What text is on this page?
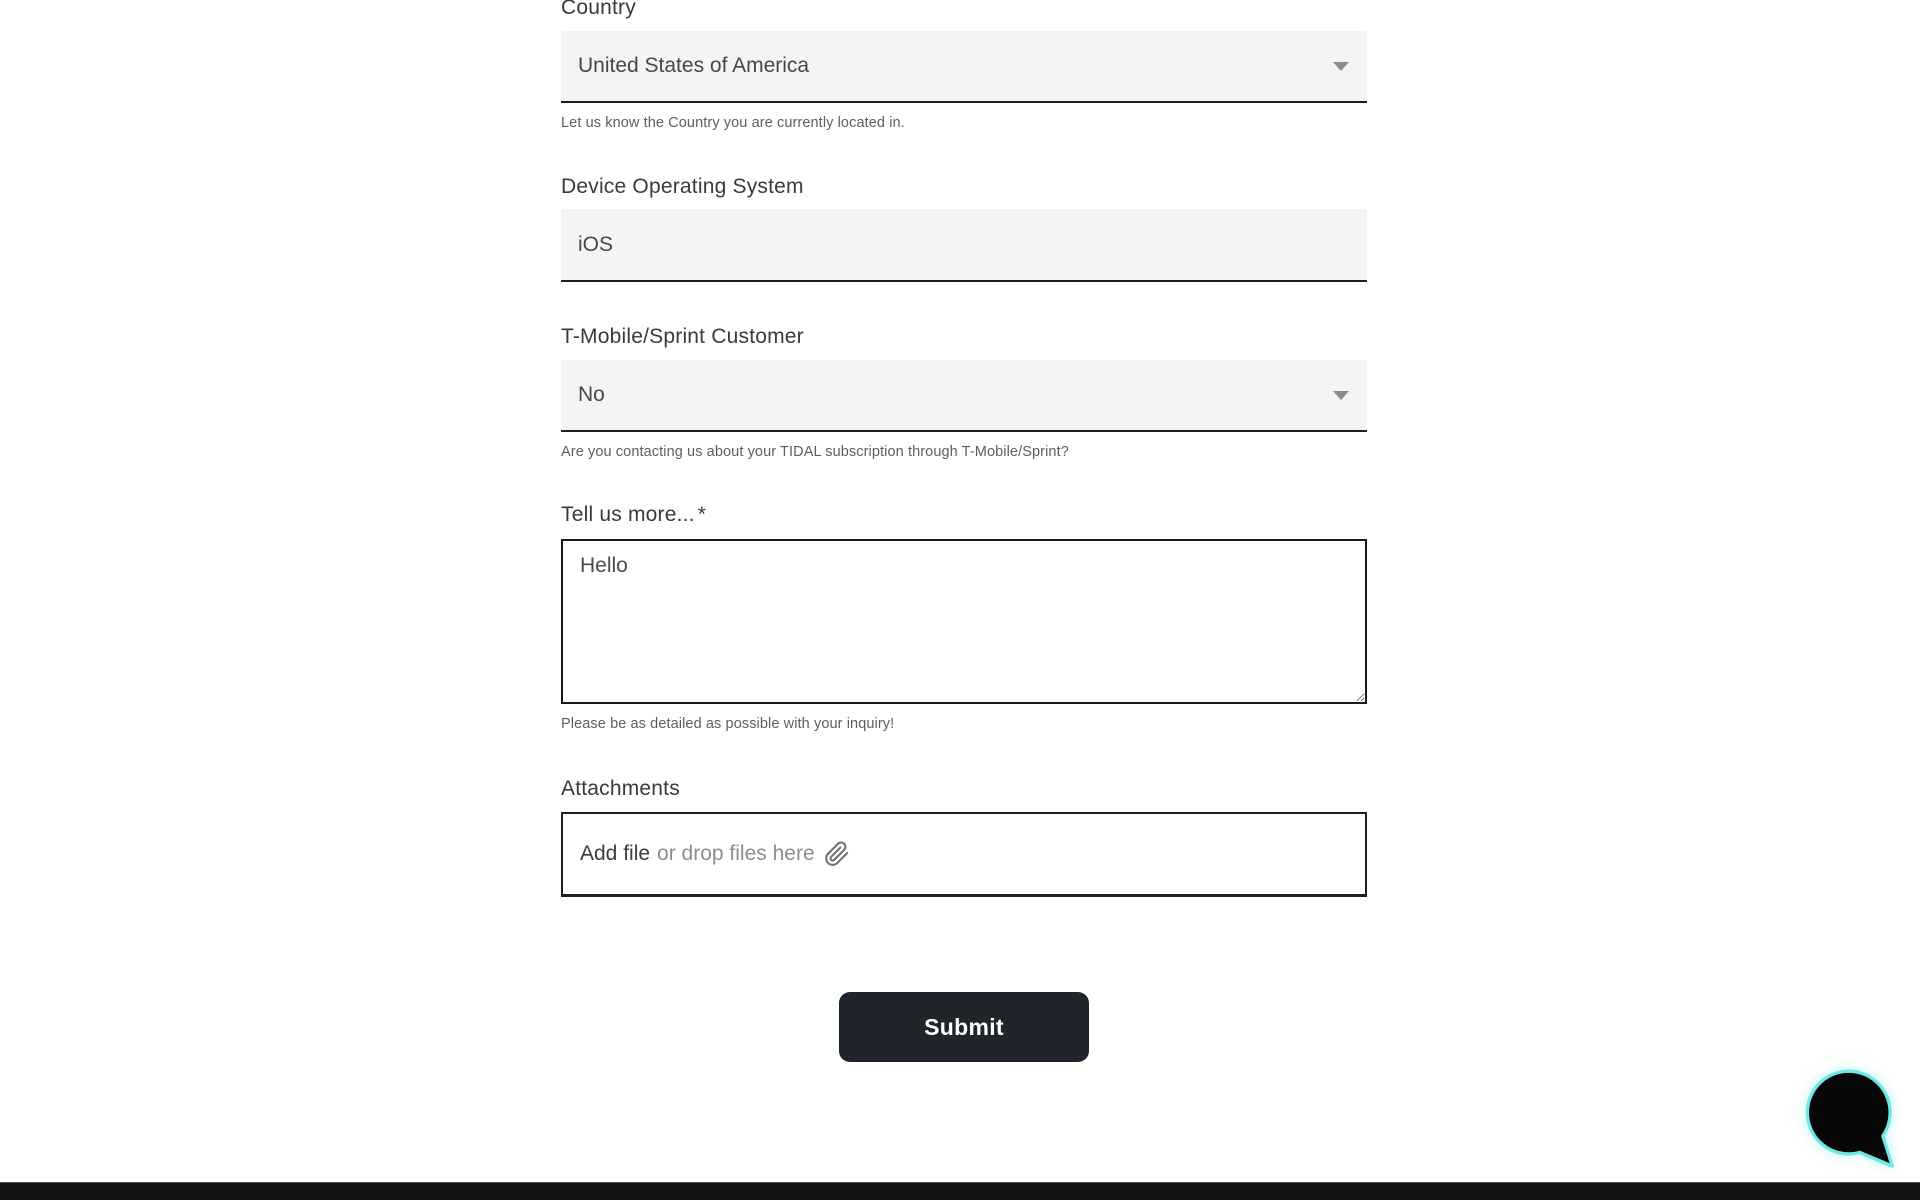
Country
United States of America
Let us know the Country you are currently located in.
Device Operating System
iOS
T-Mobile/Sprint Customer
No
Are you contacting us about your TIDAL subscription through T-Mobile/Sprint?
Tell us more... *
Hello
Please be as detailed as possible with your inquiry!
Attachments
Add file or drop files here
Submit
